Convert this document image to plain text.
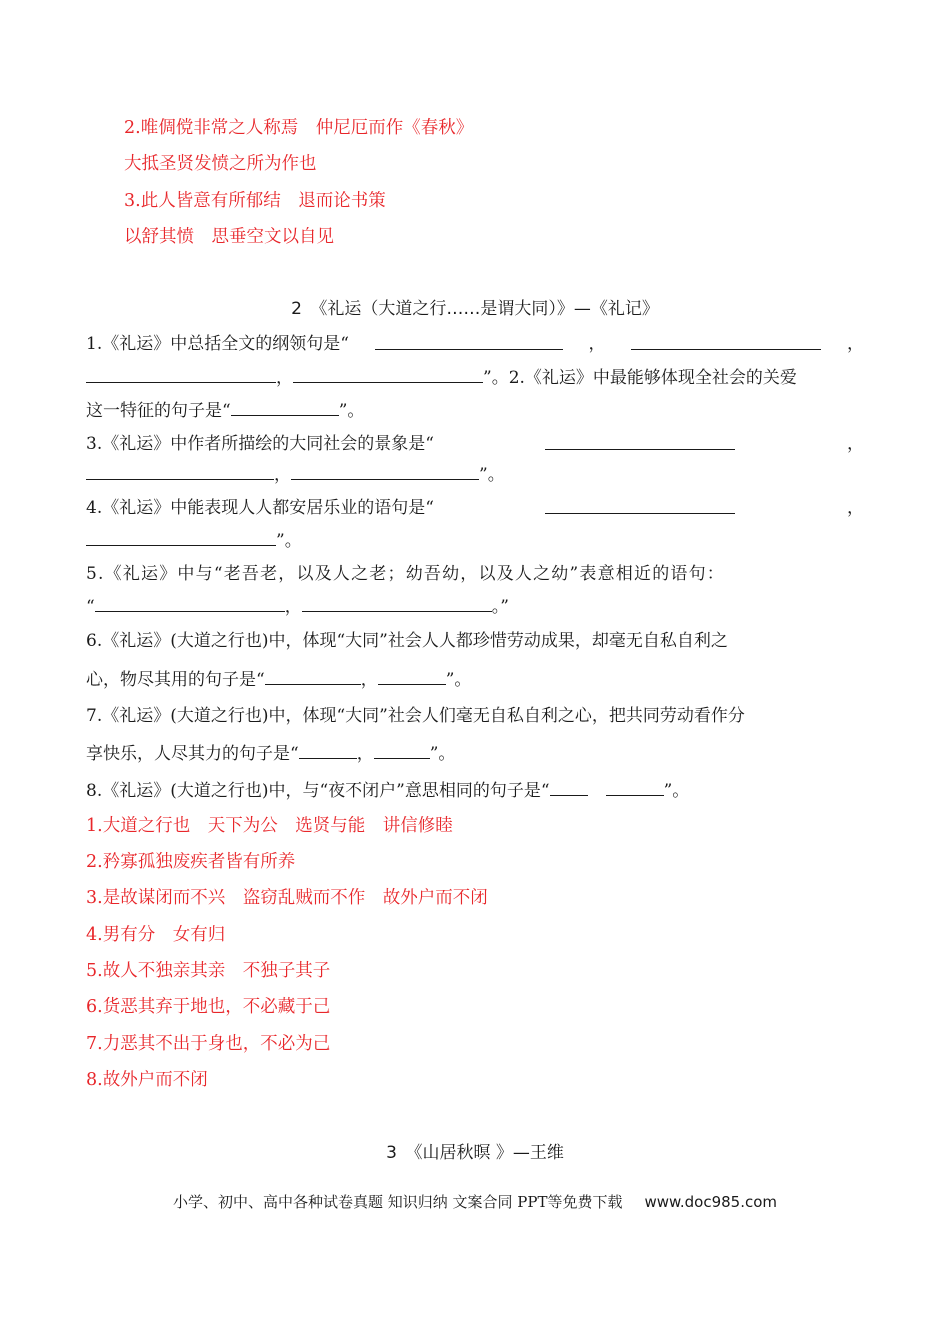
2.唯倜傥非常之人称焉　仲尼厄而作《春秋》
大抵圣贤发愤之所为作也
3.此人皆意有所郁结　退而论书策
以舒其愤　思垂空文以自见
2　《礼运（大道之行……是谓大同）》—《礼记》
1.《礼运》中总括全文的纲领句是“	，	，
，	”。2.《礼运》中最能够体现全社会的关爱
这一特征的句子是“	”。
3.《礼运》中作者所描绘的大同社会的景象是“	，
，	”。
4.《礼运》中能表现人人都安居乐业的语句是“	，
”。
5.《礼运》中与“老吾老，以及人之老；幼吾幼，以及人之幼”表意相近的语句：
“	，	。”
6.《礼运》(大道之行也)中，体现“大同”社会人人都珍惜劳动成果，却毫无自私自利之
心，物尽其用的句子是“	，	”。
7.《礼运》(大道之行也)中，体现“大同”社会人们毫无自私自利之心，把共同劳动看作分
享快乐，人尽其力的句子是“	，	”。
8.《礼运》(大道之行也)中，与“夜不闭户”意思相同的句子是“	”。
1.大道之行也　天下为公　选贤与能　讲信修睦
2.矜寡孤独废疾者皆有所养
3.是故谋闭而不兴　盗窃乱贼而不作　故外户而不闭
4.男有分　女有归
5.故人不独亲其亲　不独子其子
6.货恶其弃于地也，不必藏于己
7.力恶其不出于身也，不必为己
8.故外户而不闭
3　《山居秋暝 》—王维
小学、初中、高中各种试卷真题 知识归纳 文案合同 PPT等免费下载 www.doc985.com
